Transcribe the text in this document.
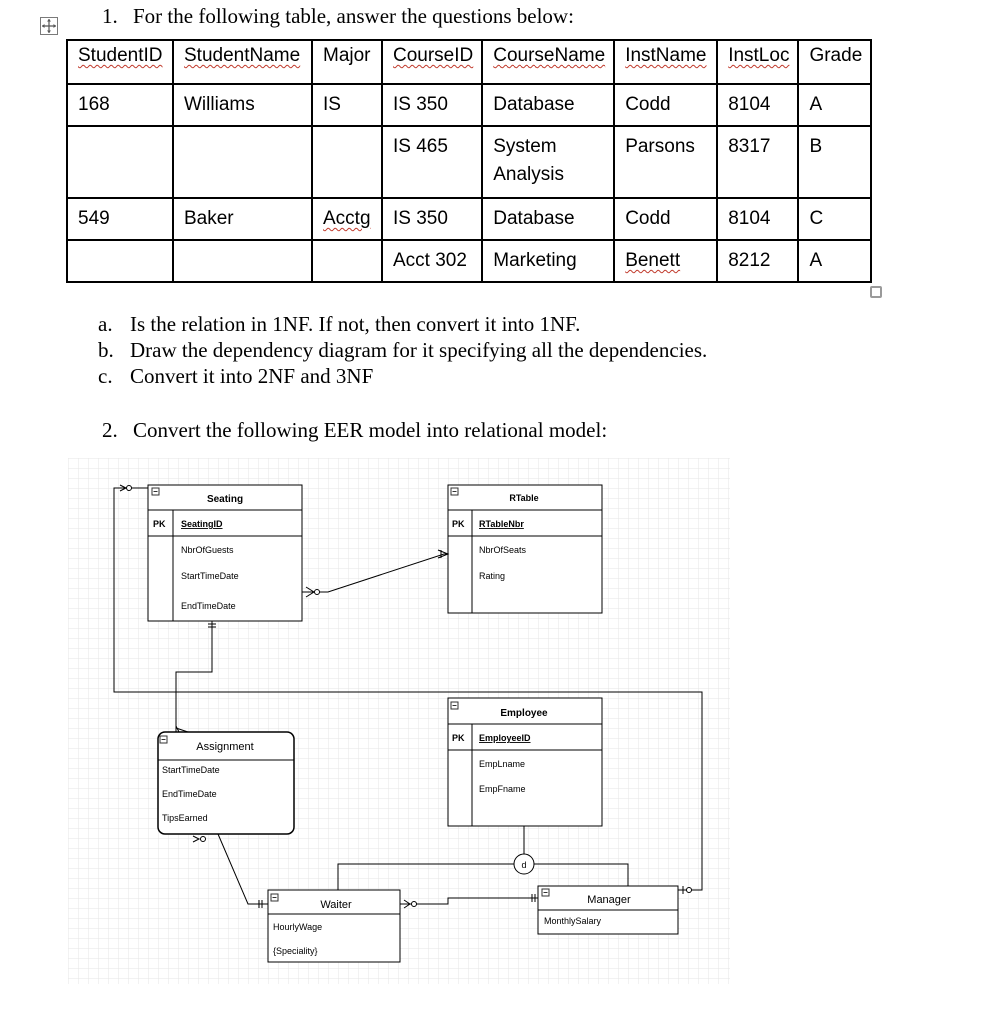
1. For the following table, answer the questions below:
StudentID	StudentName	Major	CourseID	CourseName	InstName	InstLoc	Grade
168	Williams	IS	IS 350	Database	Codd	8104	A
			IS 465	System Analysis	Parsons	8317	B
549	Baker	Acctg	IS 350	Database	Codd	8104	C
			Acct 302	Marketing	Benett	8212	A
a. Is the relation in 1NF. If not, then convert it into 1NF.
b. Draw the dependency diagram for it specifying all the dependencies.
c. Convert it into 2NF and 3NF
2. Convert the following EER model into relational model:
Seating
PK SeatingID
NbrOfGuests
StartTimeDate
EndTimeDate
RTable
PK RTableNbr
NbrOfSeats
Rating
Employee
PK EmployeeID
EmpLname
EmpFname
Assignment
StartTimeDate
EndTimeDate
TipsEarned
Waiter
HourlyWage
{Speciality}
Manager
MonthlySalary
d
